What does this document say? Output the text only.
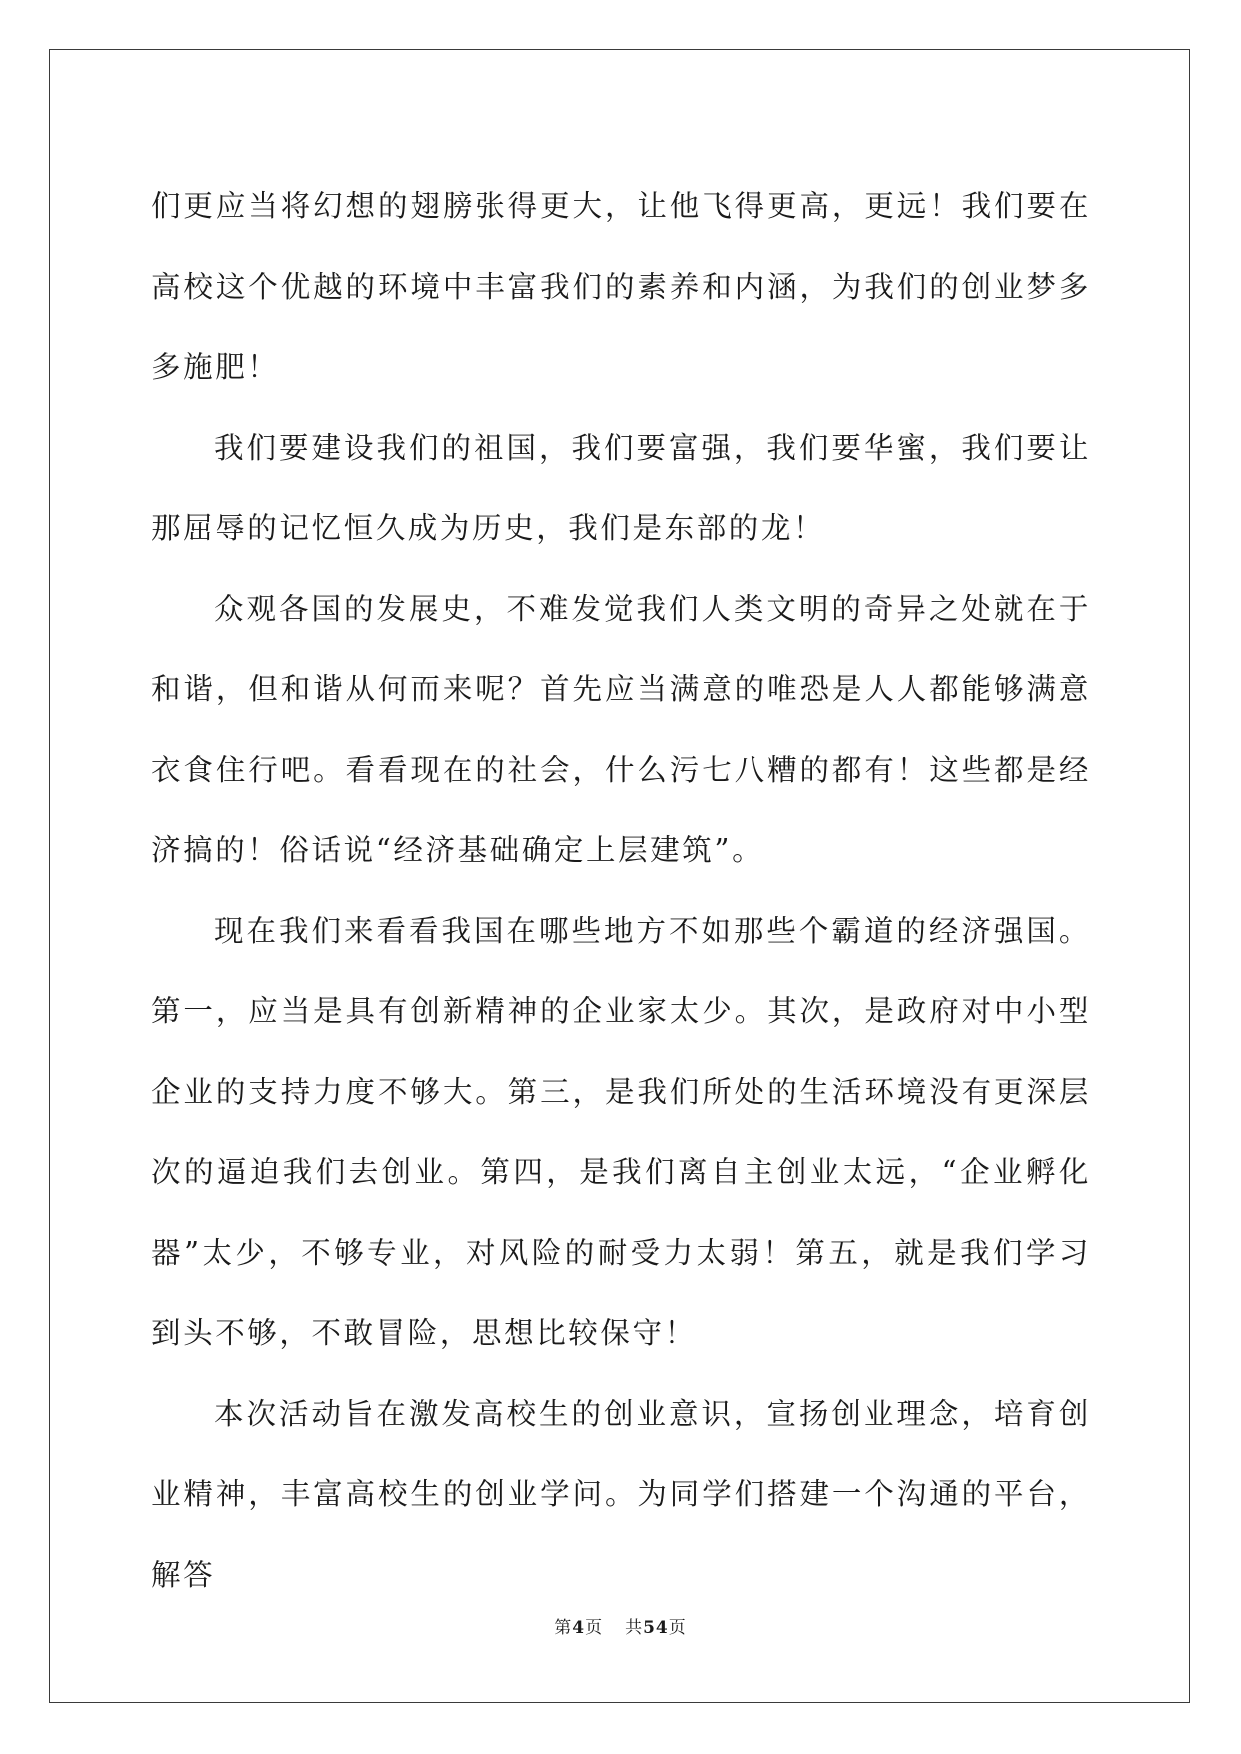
们更应当将幻想的翅膀张得更大，让他飞得更高，更远！我们要在高校这个优越的环境中丰富我们的素养和内涵，为我们的创业梦多多施肥！

我们要建设我们的祖国，我们要富强，我们要华蜜，我们要让那屈辱的记忆恒久成为历史，我们是东部的龙！

众观各国的发展史，不难发觉我们人类文明的奇异之处就在于和谐，但和谐从何而来呢？首先应当满意的唯恐是人人都能够满意衣食住行吧。看看现在的社会，什么污七八糟的都有！这些都是经济搞的！俗话说“经济基础确定上层建筑”。

现在我们来看看我国在哪些地方不如那些个霸道的经济强国。第一，应当是具有创新精神的企业家太少。其次，是政府对中小型企业的支持力度不够大。第三，是我们所处的生活环境没有更深层次的逼迫我们去创业。第四，是我们离自主创业太远，“企业孵化器”太少，不够专业，对风险的耐受力太弱！第五，就是我们学习到头不够，不敢冒险，思想比较保守！

本次活动旨在激发高校生的创业意识，宣扬创业理念，培育创业精神，丰富高校生的创业学问。为同学们搭建一个沟通的平台，解答

第4页 共54页
